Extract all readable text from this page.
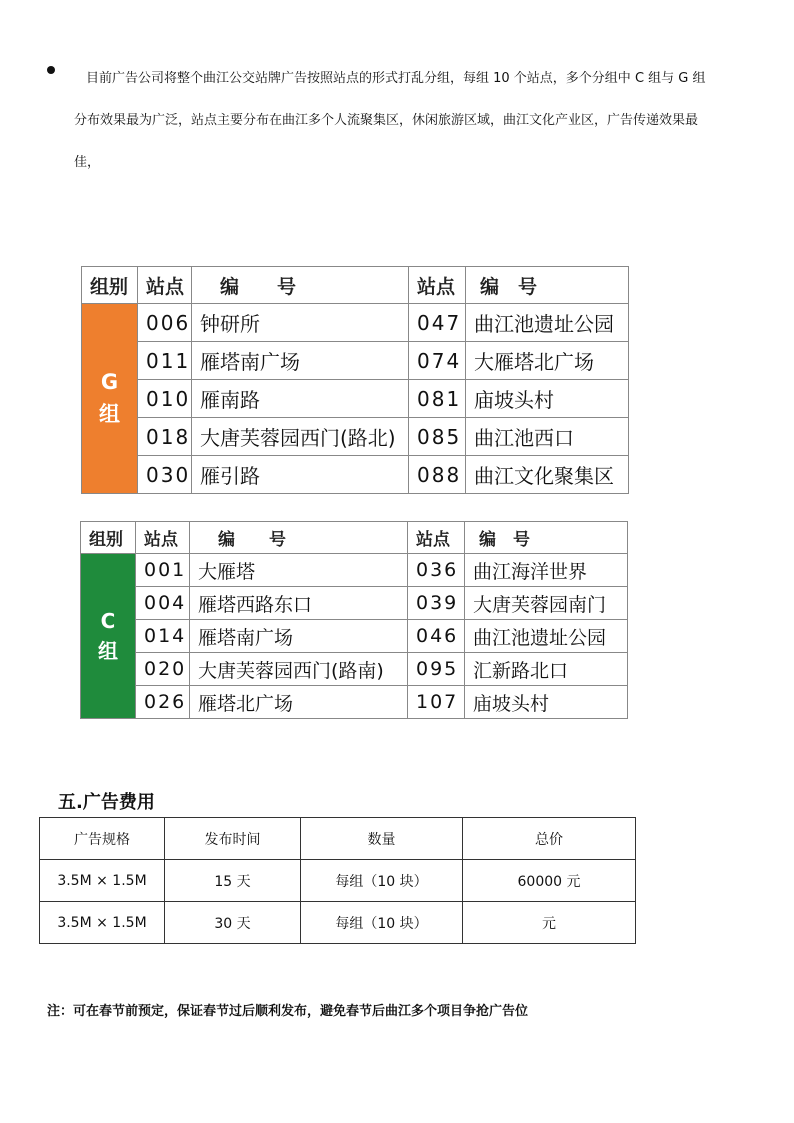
目前广告公司将整个曲江公交站牌广告按照站点的形式打乱分组，每组 10 个站点，多个分组中 C 组与 G 组
分布效果最为广泛，站点主要分布在曲江多个人流聚集区，休闲旅游区域，曲江文化产业区，广告传递效果最
佳，
组别	站点	编　　号	站点	编　号

G
组	006	钟研所	047	曲江池遗址公园
	011	雁塔南广场	074	大雁塔北广场
	010	雁南路	081	庙坡头村
	018	大唐芙蓉园西门(路北)	085	曲江池西口
	030	雁引路	088	曲江文化聚集区
组别	站点	编　　号	站点	编　号

C
组	001	大雁塔	036	曲江海洋世界
	004	雁塔西路东口	039	大唐芙蓉园南门
	014	雁塔南广场	046	曲江池遗址公园
	020	大唐芙蓉园西门(路南)	095	汇新路北口
	026	雁塔北广场	107	庙坡头村
五.广告费用
广告规格	发布时间	数量	总价
3.5M × 1.5M	15 天	每组（10 块）	60000 元
3.5M × 1.5M	30 天	每组（10 块）	元
注：可在春节前预定，保证春节过后顺利发布，避免春节后曲江多个项目争抢广告位
